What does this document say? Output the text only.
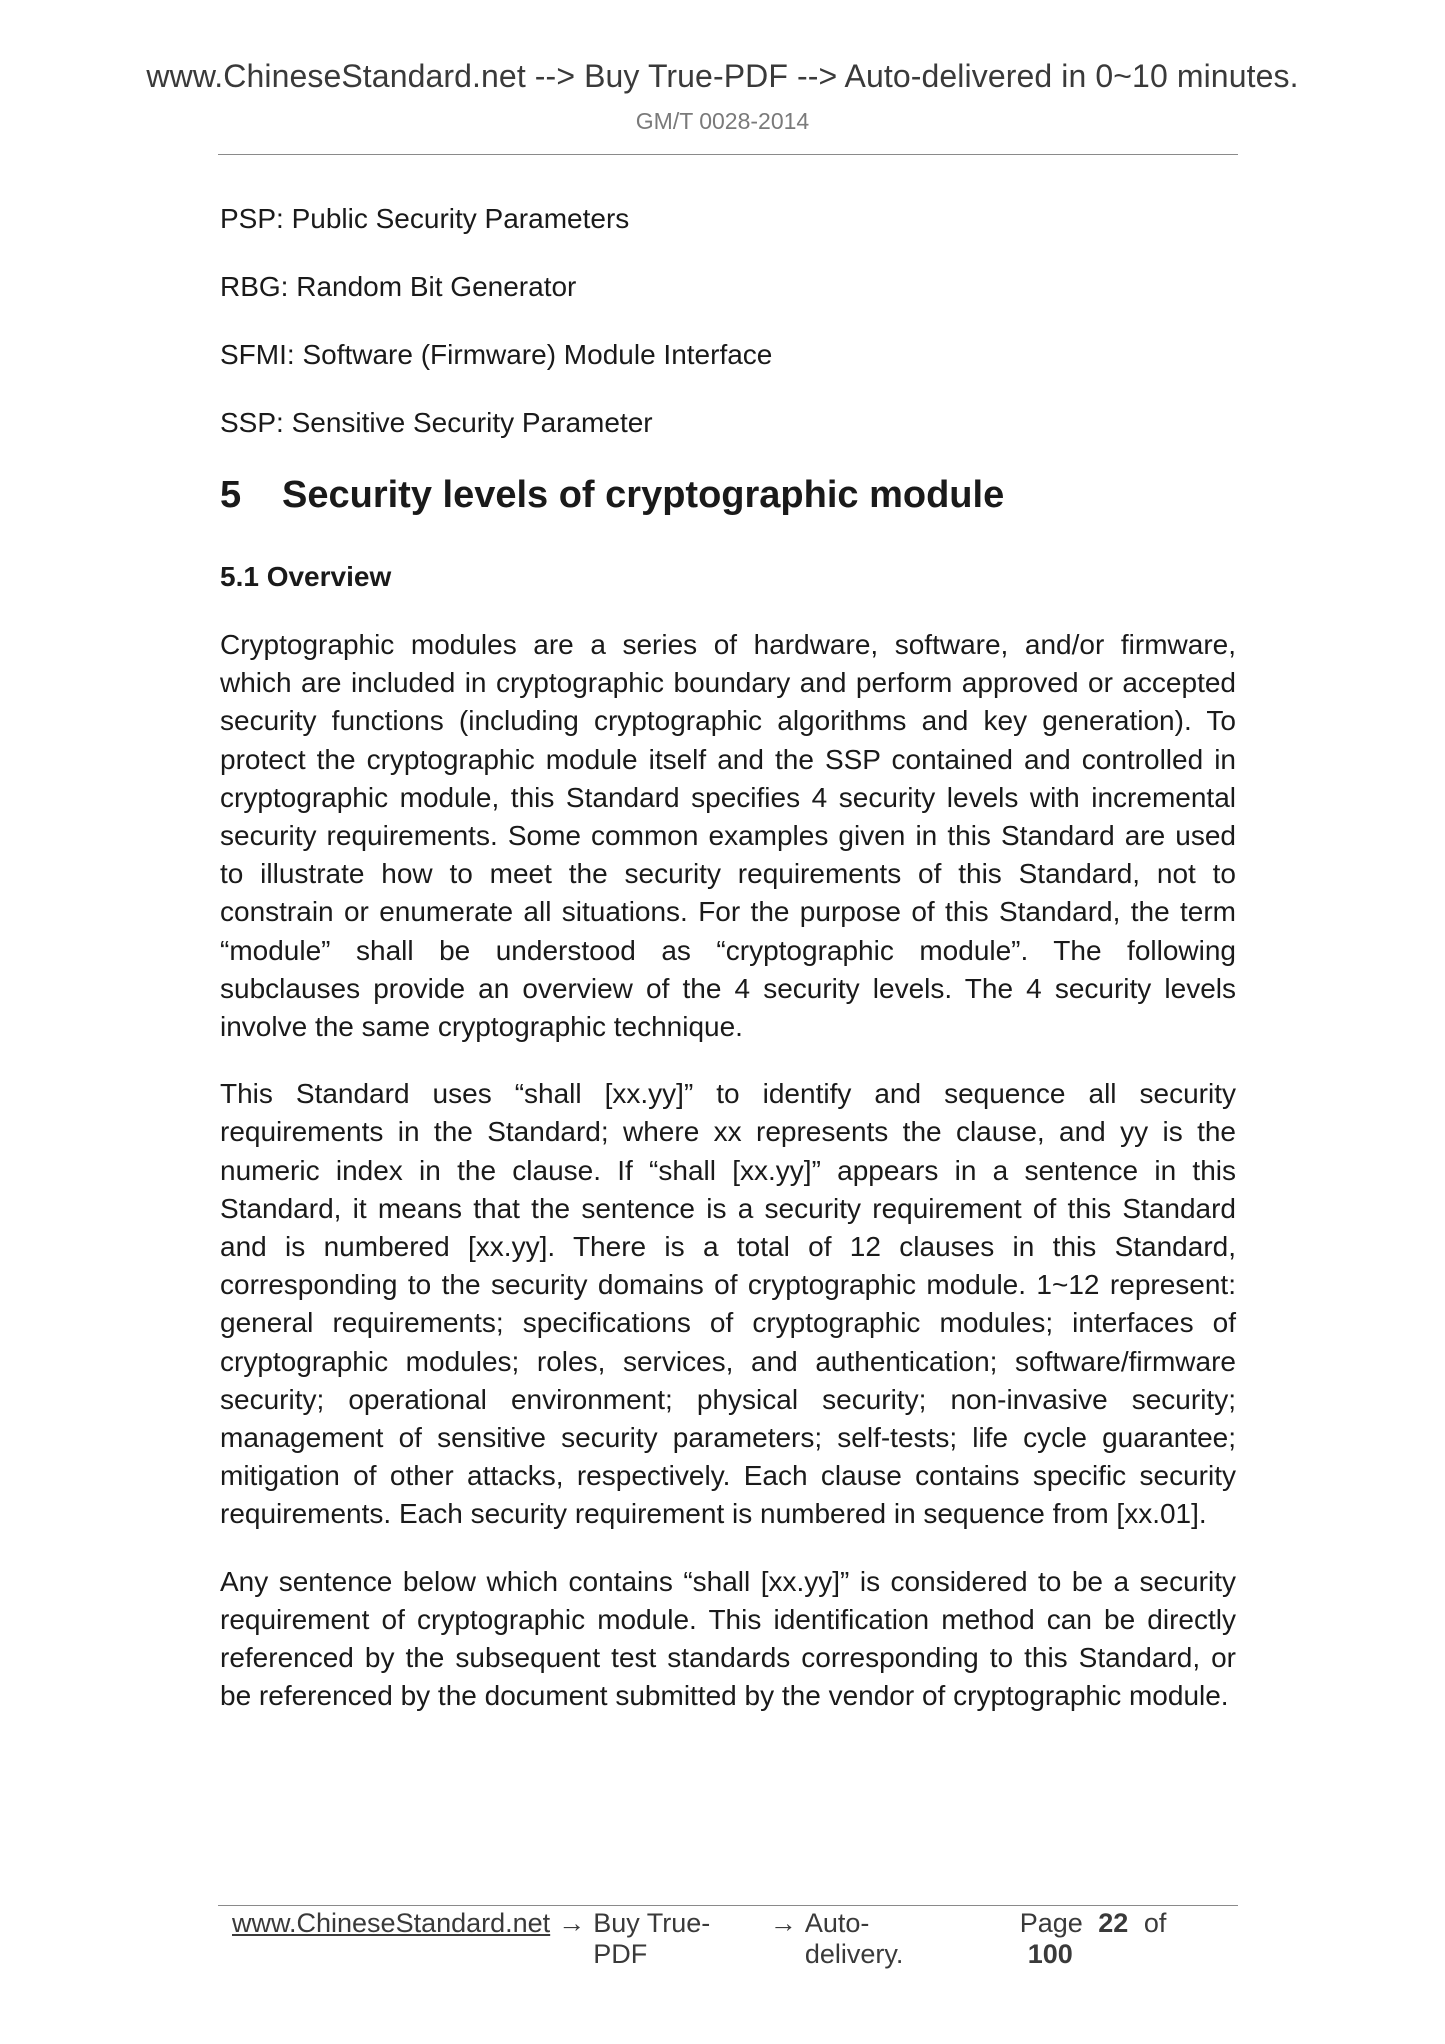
www.ChineseStandard.net --> Buy True-PDF --> Auto-delivered in 0~10 minutes.
GM/T 0028-2014

PSP: Public Security Parameters

RBG: Random Bit Generator

SFMI: Software (Firmware) Module Interface

SSP: Sensitive Security Parameter

5	Security levels of cryptographic module
5.1 Overview

Cryptographic modules are a series of hardware, software, and/or firmware, which are included in cryptographic boundary and perform approved or accepted security functions (including cryptographic algorithms and key generation). To protect the cryptographic module itself and the SSP contained and controlled in cryptographic module, this Standard specifies 4 security levels with incremental security requirements. Some common examples given in this Standard are used to illustrate how to meet the security requirements of this Standard, not to constrain or enumerate all situations. For the purpose of this Standard, the term “module” shall be understood as “cryptographic module”. The following subclauses provide an overview of the 4 security levels. The 4 security levels involve the same cryptographic technique.

This Standard uses “shall [xx.yy]” to identify and sequence all security requirements in the Standard; where xx represents the clause, and yy is the numeric index in the clause. If “shall [xx.yy]” appears in a sentence in this Standard, it means that the sentence is a security requirement of this Standard and is numbered [xx.yy]. There is a total of 12 clauses in this Standard, corresponding to the security domains of cryptographic module. 1~12 represent: general requirements; specifications of cryptographic modules; interfaces of cryptographic modules; roles, services, and authentication; software/firmware security; operational environment; physical security; non-invasive security; management of sensitive security parameters; self-tests; life cycle guarantee; mitigation of other attacks, respectively. Each clause contains specific security requirements. Each security requirement is numbered in sequence from [xx.01].

Any sentence below which contains “shall [xx.yy]” is considered to be a security requirement of cryptographic module. This identification method can be directly referenced by the subsequent test standards corresponding to this Standard, or be referenced by the document submitted by the vendor of cryptographic module.

www.ChineseStandard.net → Buy True-PDF
→ Auto-delivery.
Page 22 of 100
